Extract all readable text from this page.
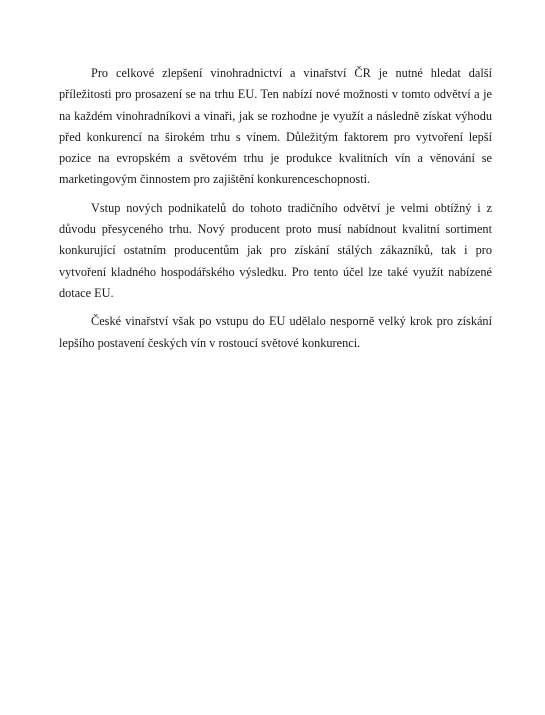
Pro celkové zlepšení vinohradnictví a vinařství ČR je nutné hledat další příležitosti pro prosazení se na trhu EU. Ten nabízí nové možnosti v tomto odvětví a je na každém vinohradníkovi a vinaři, jak se rozhodne je využít a následně získat výhodu před konkurencí na širokém trhu s vínem. Důležitým faktorem pro vytvoření lepší pozice na evropském a světovém trhu je produkce kvalitních vín a věnování se marketingovým činnostem pro zajištění konkurenceschopnosti.

Vstup nových podnikatelů do tohoto tradičního odvětví je velmi obtížný i z důvodu přesyceného trhu. Nový producent proto musí nabídnout kvalitní sortiment konkurující ostatním producentům jak pro získání stálých zákazníků, tak i pro vytvoření kladného hospodářského výsledku. Pro tento účel lze také využít nabízené dotace EU.

České vinařství však po vstupu do EU udělalo nesporně velký krok pro získání lepšího postavení českých vín v rostoucí světové konkurenci.
